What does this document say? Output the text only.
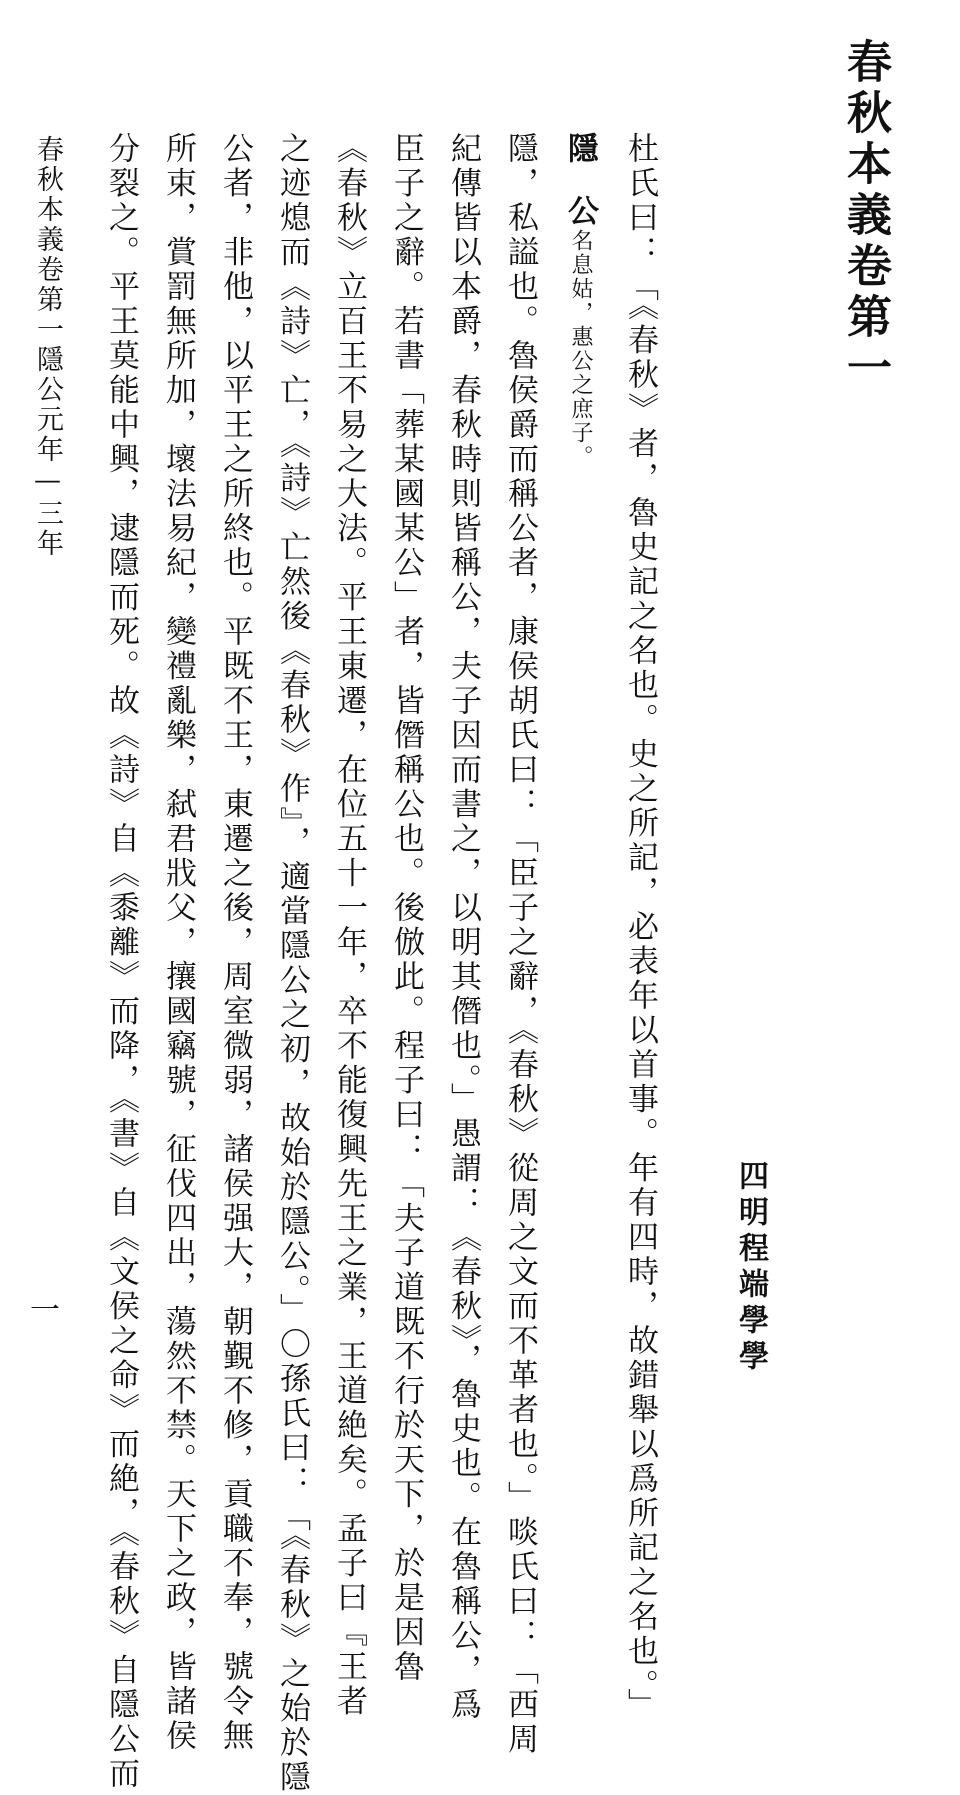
春秋本義卷第一
四明程端學學
杜氏曰：「《春秋》者，魯史記之名也。史之所記，必表年以首事。年有四時，故錯舉以爲所記之名也。」
隱公名息姑，惠公之庶子。
隱，私謚也。魯侯爵而稱公者，康侯胡氏曰：「臣子之辭，《春秋》從周之文而不革者也。」啖氏曰：「西周
紀傳皆以本爵，春秋時則皆稱公，夫子因而書之，以明其僭也。」愚謂：《春秋》，魯史也。在魯稱公，爲
臣子之辭。若書「葬某國某公」者，皆僭稱公也。後倣此。程子曰：「夫子道既不行於天下，於是因魯
《春秋》立百王不易之大法。平王東遷，在位五十一年，卒不能復興先王之業，王道絶矣。孟子曰『王者
之迹熄而《詩》亡，《詩》亡然後《春秋》作』，適當隱公之初，故始於隱公。」〇孫氏曰：「《春秋》之始於隱
公者，非他，以平王之所終也。平既不王，東遷之後，周室微弱，諸侯强大，朝覲不修，貢職不奉，號令無
所束，賞罰無所加，壞法易紀，變禮亂樂，弑君戕父，攘國竊號，征伐四出，蕩然不禁。天下之政，皆諸侯
分裂之。平王莫能中興，逮隱而死。故《詩》自《黍離》而降，《書》自《文侯之命》而絶，《春秋》自隱公而
春秋本義卷第一
隱公元年—三年
一
